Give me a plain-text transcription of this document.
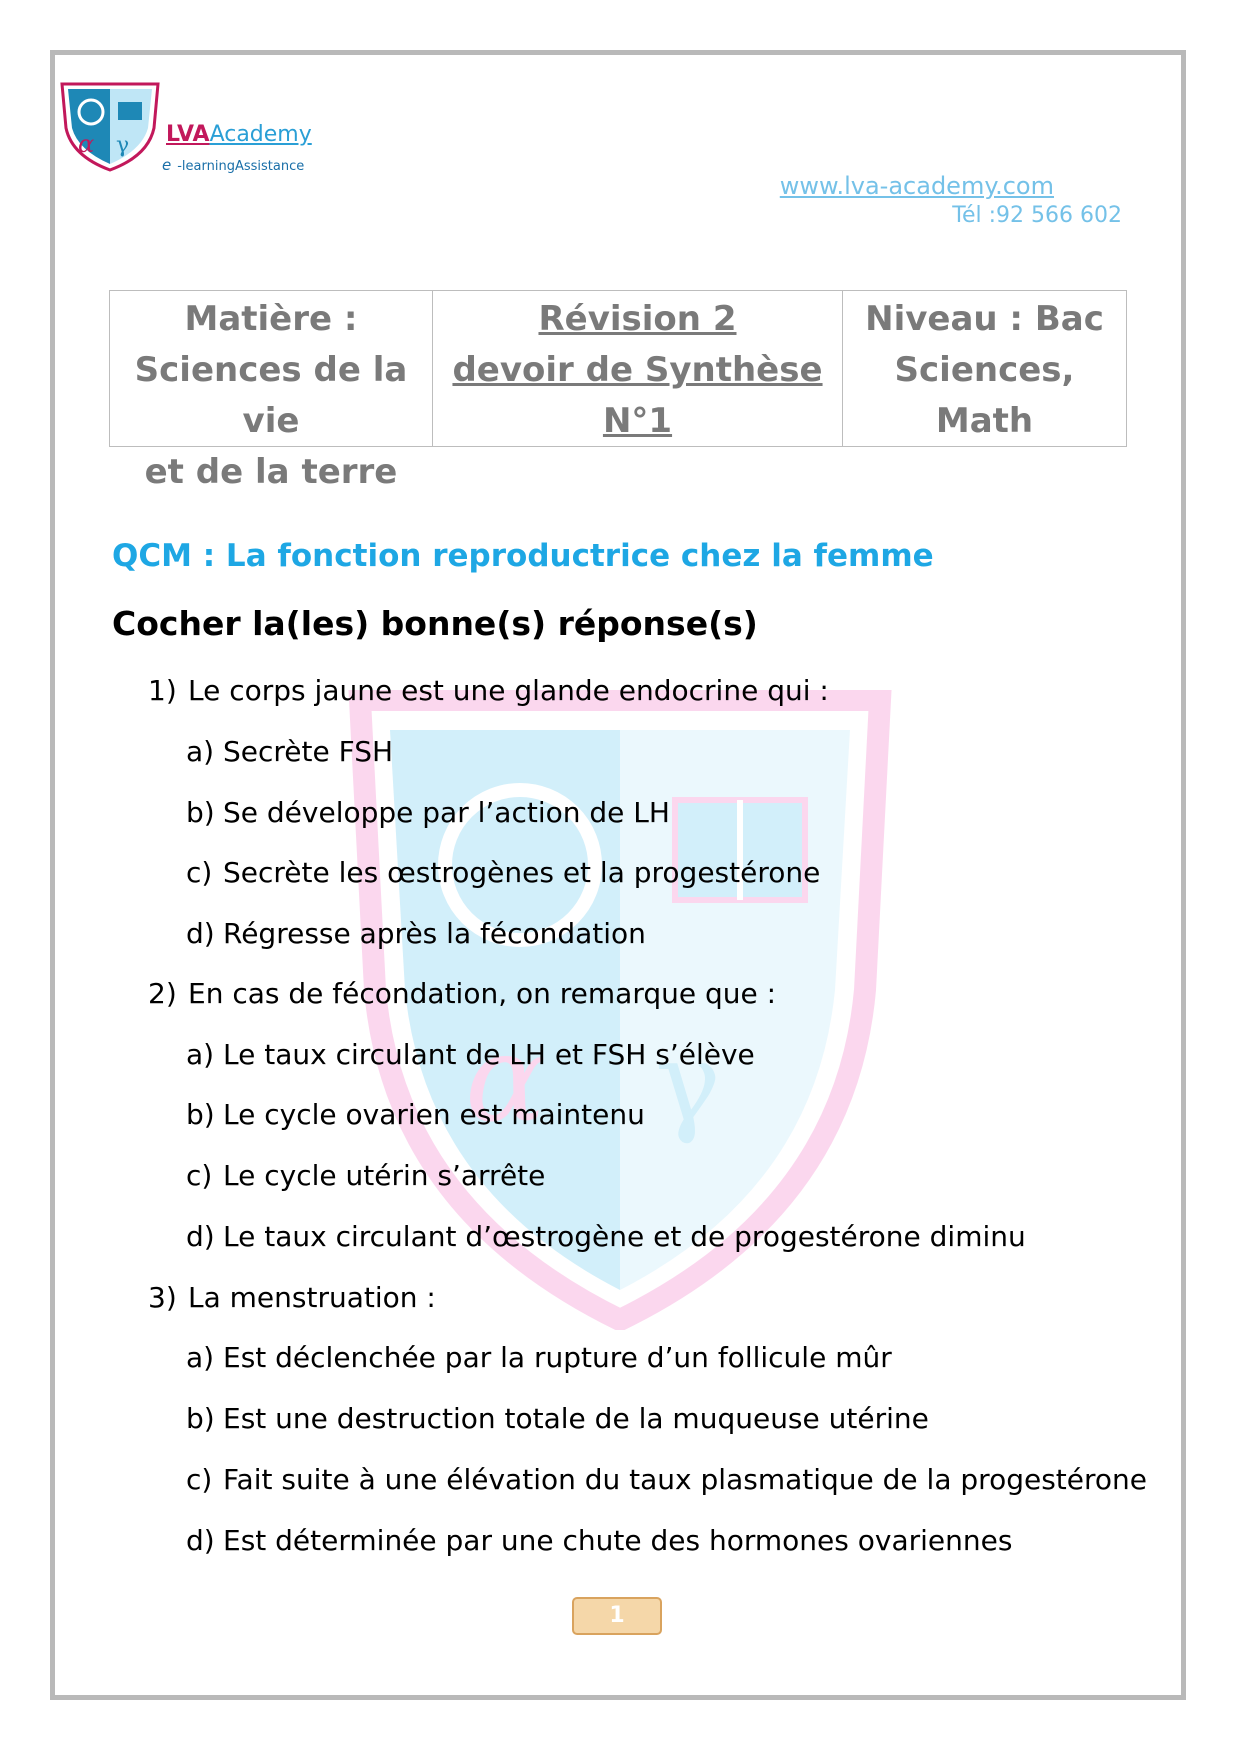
α γ
α γ LVAAcademy
e -learningAssistance
www.lva-academy.com
Tél :92 566 602
Matière :
Sciences de la vie
et de la terre
Révision 2
devoir de Synthèse
N°1
Niveau : Bac
Sciences, Math
QCM : La fonction reproductrice chez la femme
Cocher la(les) bonne(s) réponse(s)
1) Le corps jaune est une glande endocrine qui :
a) Secrète FSH
b) Se développe par l’action de LH
c) Secrète les œstrogènes et la progestérone
d) Régresse après la fécondation
2) En cas de fécondation, on remarque que :
a) Le taux circulant de LH et FSH s’élève
b) Le cycle ovarien est maintenu
c) Le cycle utérin s’arrête
d) Le taux circulant d’œstrogène et de progestérone diminu
3) La menstruation :
a) Est déclenchée par la rupture d’un follicule mûr
b) Est une destruction totale de la muqueuse utérine
c) Fait suite à une élévation du taux plasmatique de la progestérone
d) Est déterminée par une chute des hormones ovariennes
1
